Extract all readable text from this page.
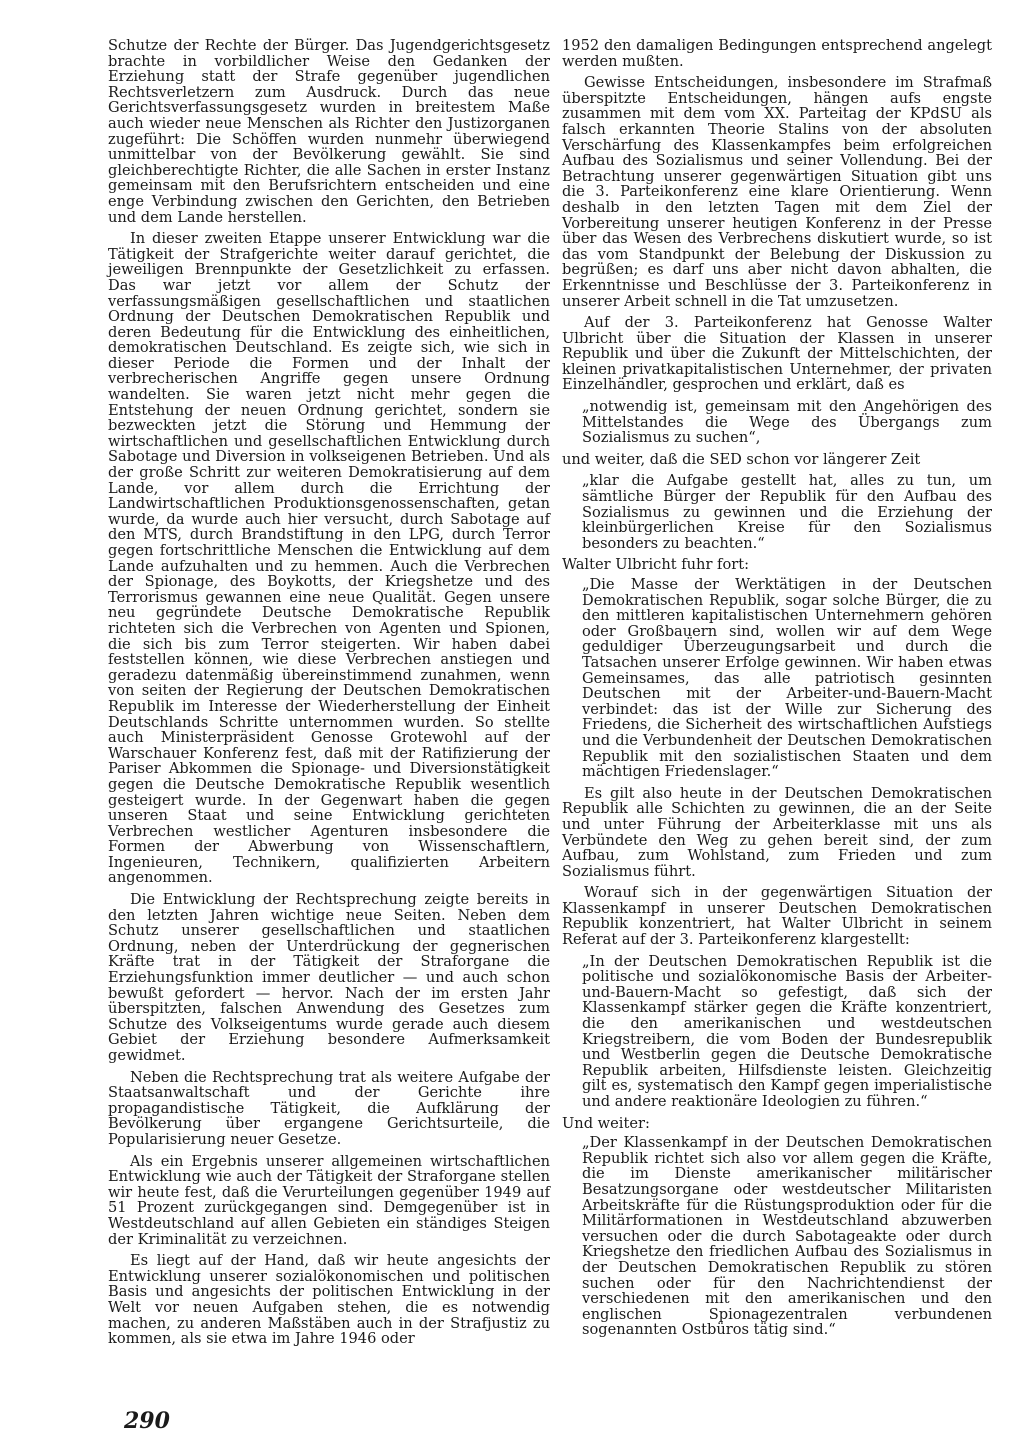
Schutze der Rechte der Bürger. Das Jugendgerichtsgesetz brachte in vorbildlicher Weise den Gedanken der Erziehung statt der Strafe gegenüber jugendlichen Rechtsverletzern zum Ausdruck. Durch das neue Gerichtsverfassungsgesetz wurden in breitestem Maße auch wieder neue Menschen als Richter den Justizorganen zugeführt: Die Schöffen wurden nunmehr überwiegend unmittelbar von der Bevölkerung gewählt. Sie sind gleichberechtigte Richter, die alle Sachen in erster Instanz gemeinsam mit den Berufsrichtern entscheiden und eine enge Verbindung zwischen den Gerichten, den Betrieben und dem Lande herstellen.

In dieser zweiten Etappe unserer Entwicklung war die Tätigkeit der Strafgerichte weiter darauf gerichtet, die jeweiligen Brennpunkte der Gesetzlichkeit zu erfassen. Das war jetzt vor allem der Schutz der verfassungsmäßigen gesellschaftlichen und staatlichen Ordnung der Deutschen Demokratischen Republik und deren Bedeutung für die Entwicklung des einheitlichen, demokratischen Deutschland. Es zeigte sich, wie sich in dieser Periode die Formen und der Inhalt der verbrecherischen Angriffe gegen unsere Ordnung wandelten. Sie waren jetzt nicht mehr gegen die Entstehung der neuen Ordnung gerichtet, sondern sie bezweckten jetzt die Störung und Hemmung der wirtschaftlichen und gesellschaftlichen Entwicklung durch Sabotage und Diversion in volkseigenen Betrieben. Und als der große Schritt zur weiteren Demokratisierung auf dem Lande, vor allem durch die Errichtung der Landwirtschaftlichen Produktionsgenossenschaften, getan wurde, da wurde auch hier versucht, durch Sabotage auf den MTS, durch Brandstiftung in den LPG, durch Terror gegen fortschrittliche Menschen die Entwicklung auf dem Lande aufzuhalten und zu hemmen. Auch die Verbrechen der Spionage, des Boykotts, der Kriegshetze und des Terrorismus gewannen eine neue Qualität. Gegen unsere neu gegründete Deutsche Demokratische Republik richteten sich die Verbrechen von Agenten und Spionen, die sich bis zum Terror steigerten. Wir haben dabei feststellen können, wie diese Verbrechen anstiegen und geradezu datenmäßig übereinstimmend zunahmen, wenn von seiten der Regierung der Deutschen Demokratischen Republik im Interesse der Wiederherstellung der Einheit Deutschlands Schritte unternommen wurden. So stellte auch Ministerpräsident Genosse Grotewohl auf der Warschauer Konferenz fest, daß mit der Ratifizierung der Pariser Abkommen die Spionage- und Diversionstätigkeit gegen die Deutsche Demokratische Republik wesentlich gesteigert wurde. In der Gegenwart haben die gegen unseren Staat und seine Entwicklung gerichteten Verbrechen westlicher Agenturen insbesondere die Formen der Abwerbung von Wissenschaftlern, Ingenieuren, Technikern, qualifizierten Arbeitern angenommen.

Die Entwicklung der Rechtsprechung zeigte bereits in den letzten Jahren wichtige neue Seiten. Neben dem Schutz unserer gesellschaftlichen und staatlichen Ordnung, neben der Unterdrückung der gegnerischen Kräfte trat in der Tätigkeit der Straforgane die Erziehungsfunktion immer deutlicher — und auch schon bewußt gefordert — hervor. Nach der im ersten Jahr überspitzten, falschen Anwendung des Gesetzes zum Schutze des Volkseigentums wurde gerade auch diesem Gebiet der Erziehung besondere Aufmerksamkeit gewidmet.

Neben die Rechtsprechung trat als weitere Aufgabe der Staatsanwaltschaft und der Gerichte ihre propagandistische Tätigkeit, die Aufklärung der Bevölkerung über ergangene Gerichtsurteile, die Popularisierung neuer Gesetze.

Als ein Ergebnis unserer allgemeinen wirtschaftlichen Entwicklung wie auch der Tätigkeit der Straforgane stellen wir heute fest, daß die Verurteilungen gegenüber 1949 auf 51 Prozent zurückgegangen sind. Demgegenüber ist in Westdeutschland auf allen Gebieten ein ständiges Steigen der Kriminalität zu verzeichnen.

Es liegt auf der Hand, daß wir heute angesichts der Entwicklung unserer sozialökonomischen und politischen Basis und angesichts der politischen Entwicklung in der Welt vor neuen Aufgaben stehen, die es notwendig machen, zu anderen Maßstäben auch in der Strafjustiz zu kommen, als sie etwa im Jahre 1946 oder

1952 den damaligen Bedingungen entsprechend angelegt werden mußten.

Gewisse Entscheidungen, insbesondere im Strafmaß überspitzte Entscheidungen, hängen aufs engste zusammen mit dem vom XX. Parteitag der KPdSU als falsch erkannten Theorie Stalins von der absoluten Verschärfung des Klassenkampfes beim erfolgreichen Aufbau des Sozialismus und seiner Vollendung. Bei der Betrachtung unserer gegenwärtigen Situation gibt uns die 3. Parteikonferenz eine klare Orientierung. Wenn deshalb in den letzten Tagen mit dem Ziel der Vorbereitung unserer heutigen Konferenz in der Presse über das Wesen des Verbrechens diskutiert wurde, so ist das vom Standpunkt der Belebung der Diskussion zu begrüßen; es darf uns aber nicht davon abhalten, die Erkenntnisse und Beschlüsse der 3. Parteikonferenz in unserer Arbeit schnell in die Tat umzusetzen.

Auf der 3. Parteikonferenz hat Genosse Walter Ulbricht über die Situation der Klassen in unserer Republik und über die Zukunft der Mittelschichten, der kleinen privatkapitalistischen Unternehmer, der privaten Einzelhändler, gesprochen und erklärt, daß es

„notwendig ist, gemeinsam mit den Angehörigen des Mittelstandes die Wege des Übergangs zum Sozialismus zu suchen“,

und weiter, daß die SED schon vor längerer Zeit

„klar die Aufgabe gestellt hat, alles zu tun, um sämtliche Bürger der Republik für den Aufbau des Sozialismus zu gewinnen und die Erziehung der kleinbürgerlichen Kreise für den Sozialismus besonders zu beachten.“

Walter Ulbricht fuhr fort:

„Die Masse der Werktätigen in der Deutschen Demokratischen Republik, sogar solche Bürger, die zu den mittleren kapitalistischen Unternehmern gehören oder Großbauern sind, wollen wir auf dem Wege geduldiger Überzeugungsarbeit und durch die Tatsachen unserer Erfolge gewinnen. Wir haben etwas Gemeinsames, das alle patriotisch gesinnten Deutschen mit der Arbeiter-und-Bauern-Macht verbindet: das ist der Wille zur Sicherung des Friedens, die Sicherheit des wirtschaftlichen Aufstiegs und die Verbundenheit der Deutschen Demokratischen Republik mit den sozialistischen Staaten und dem mächtigen Friedenslager.“

Es gilt also heute in der Deutschen Demokratischen Republik alle Schichten zu gewinnen, die an der Seite und unter Führung der Arbeiterklasse mit uns als Verbündete den Weg zu gehen bereit sind, der zum Aufbau, zum Wohlstand, zum Frieden und zum Sozialismus führt.

Worauf sich in der gegenwärtigen Situation der Klassenkampf in unserer Deutschen Demokratischen Republik konzentriert, hat Walter Ulbricht in seinem Referat auf der 3. Parteikonferenz klargestellt:

„In der Deutschen Demokratischen Republik ist die politische und sozialökonomische Basis der Arbeiter-und-Bauern-Macht so gefestigt, daß sich der Klassenkampf stärker gegen die Kräfte konzentriert, die den amerikanischen und westdeutschen Kriegstreibern, die vom Boden der Bundesrepublik und Westberlin gegen die Deutsche Demokratische Republik arbeiten, Hilfsdienste leisten. Gleichzeitig gilt es, systematisch den Kampf gegen imperialistische und andere reaktionäre Ideologien zu führen.“

Und weiter:

„Der Klassenkampf in der Deutschen Demokratischen Republik richtet sich also vor allem gegen die Kräfte, die im Dienste amerikanischer militärischer Besatzungsorgane oder westdeutscher Militaristen Arbeitskräfte für die Rüstungsproduktion oder für die Militärformationen in Westdeutschland abzuwerben versuchen oder die durch Sabotageakte oder durch Kriegshetze den friedlichen Aufbau des Sozialismus in der Deutschen Demokratischen Republik zu stören suchen oder für den Nachrichtendienst der verschiedenen mit den amerikanischen und den englischen Spionagezentralen verbundenen sogenannten Ostbüros tätig sind.“

290
